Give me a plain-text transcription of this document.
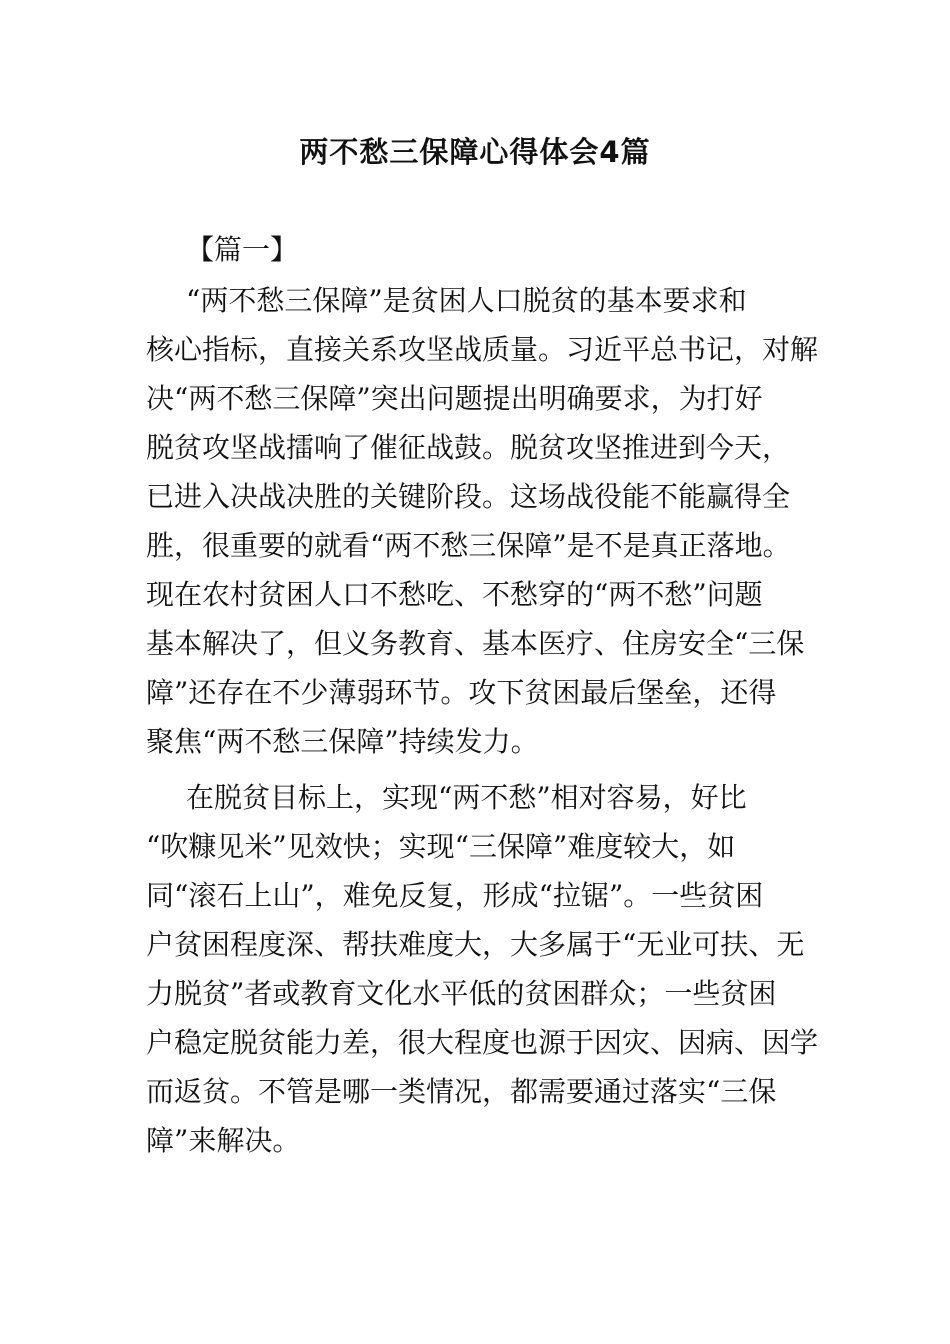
两不愁三保障心得体会4篇

【篇一】

“两不愁三保障”是贫困人口脱贫的基本要求和
核心指标，直接关系攻坚战质量。习近平总书记，对解
决“两不愁三保障”突出问题提出明确要求，为打好
脱贫攻坚战擂响了催征战鼓。脱贫攻坚推进到今天，
已进入决战决胜的关键阶段。这场战役能不能赢得全
胜，很重要的就看“两不愁三保障”是不是真正落地。
现在农村贫困人口不愁吃、不愁穿的“两不愁”问题
基本解决了，但义务教育、基本医疗、住房安全“三保
障”还存在不少薄弱环节。攻下贫困最后堡垒，还得
聚焦“两不愁三保障”持续发力。

在脱贫目标上，实现“两不愁”相对容易，好比
“吹糠见米”见效快；实现“三保障”难度较大，如
同“滚石上山”，难免反复，形成“拉锯”。一些贫困
户贫困程度深、帮扶难度大，大多属于“无业可扶、无
力脱贫”者或教育文化水平低的贫困群众；一些贫困
户稳定脱贫能力差，很大程度也源于因灾、因病、因学
而返贫。不管是哪一类情况，都需要通过落实“三保
障”来解决。
